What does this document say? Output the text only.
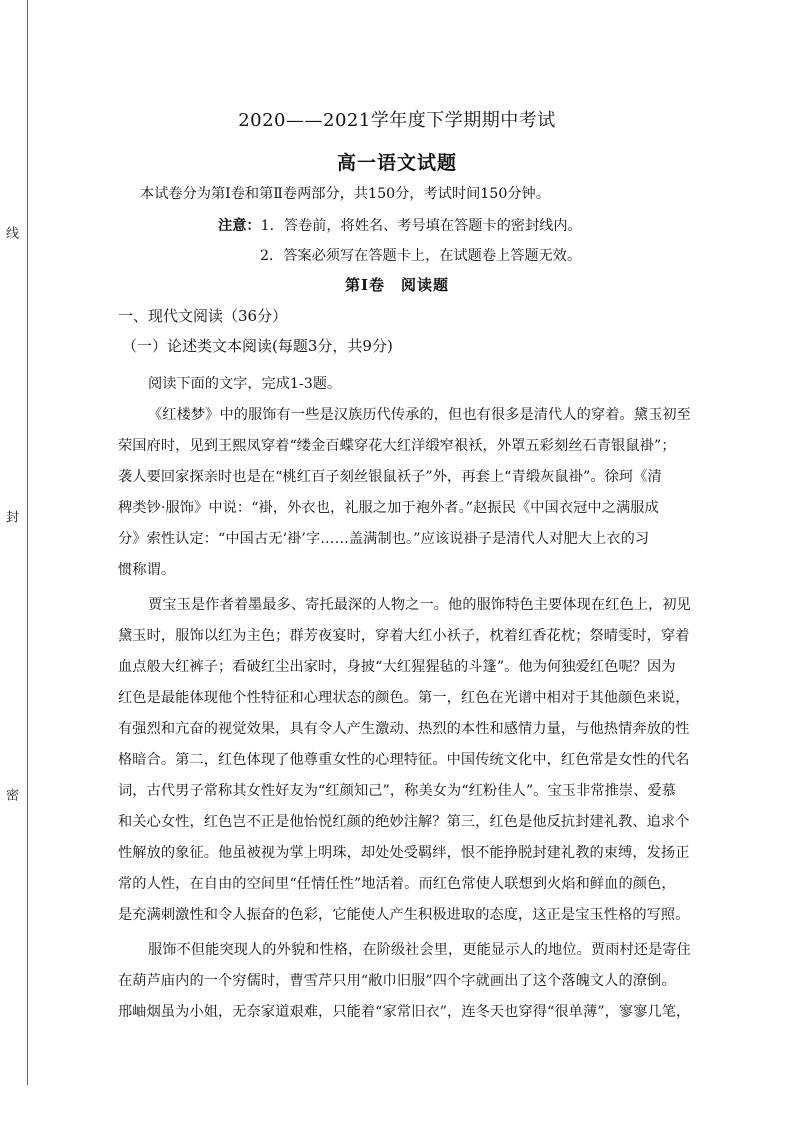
线
封
密
2020——2021学年度下学期期中考试
高一语文试题
本试卷分为第Ⅰ卷和第Ⅱ卷两部分，共150分，考试时间150分钟。
注意：1．答卷前，将姓名、考号填在答题卡的密封线内。
2．答案必须写在答题卡上，在试题卷上答题无效。
第Ⅰ卷　阅读题
一、现代文阅读（36分）
（一）论述类文本阅读(每题3分，共9分)
阅读下面的文字，完成1-3题。
《红楼梦》中的服饰有一些是汉族历代传承的，但也有很多是清代人的穿着。黛玉初至
荣国府时，见到王熙凤穿着“缕金百蝶穿花大红洋缎窄裉袄，外罩五彩刻丝石青银鼠褂”；
袭人要回家探亲时也是在“桃红百子刻丝银鼠袄子”外，再套上“青缎灰鼠褂”。徐珂《清
稗类钞·服饰》中说：“褂，外衣也，礼服之加于袍外者。”赵振民《中国衣冠中之满服成
分》索性认定：“中国古无‘褂’字……盖满制也。”应该说褂子是清代人对肥大上衣的习
惯称谓。
贾宝玉是作者着墨最多、寄托最深的人物之一。他的服饰特色主要体现在红色上，初见
黛玉时，服饰以红为主色；群芳夜宴时，穿着大红小袄子，枕着红香花枕；祭晴雯时，穿着
血点般大红裤子；看破红尘出家时，身披“大红猩猩毡的斗篷”。他为何独爱红色呢？因为
红色是最能体现他个性特征和心理状态的颜色。第一，红色在光谱中相对于其他颜色来说，
有强烈和亢奋的视觉效果，具有令人产生激动、热烈的本性和感情力量，与他热情奔放的性
格暗合。第二，红色体现了他尊重女性的心理特征。中国传统文化中，红色常是女性的代名
词，古代男子常称其女性好友为“红颜知己”，称美女为“红粉佳人”。宝玉非常推崇、爱慕
和关心女性，红色岂不正是他怡悦红颜的绝妙注解？第三，红色是他反抗封建礼教、追求个
性解放的象征。他虽被视为掌上明珠，却处处受羁绊，恨不能挣脱封建礼教的束缚，发扬正
常的人性，在自由的空间里“任情任性”地活着。而红色常使人联想到火焰和鲜血的颜色，
是充满刺激性和令人振奋的色彩，它能使人产生积极进取的态度，这正是宝玉性格的写照。
服饰不但能突现人的外貌和性格，在阶级社会里，更能显示人的地位。贾雨村还是寄住
在葫芦庙内的一个穷儒时，曹雪芹只用“敝巾旧服”四个字就画出了这个落魄文人的潦倒。
邢岫烟虽为小姐，无奈家道艰难，只能着“家常旧衣”，连冬天也穿得“很单薄”，寥寥几笔，
